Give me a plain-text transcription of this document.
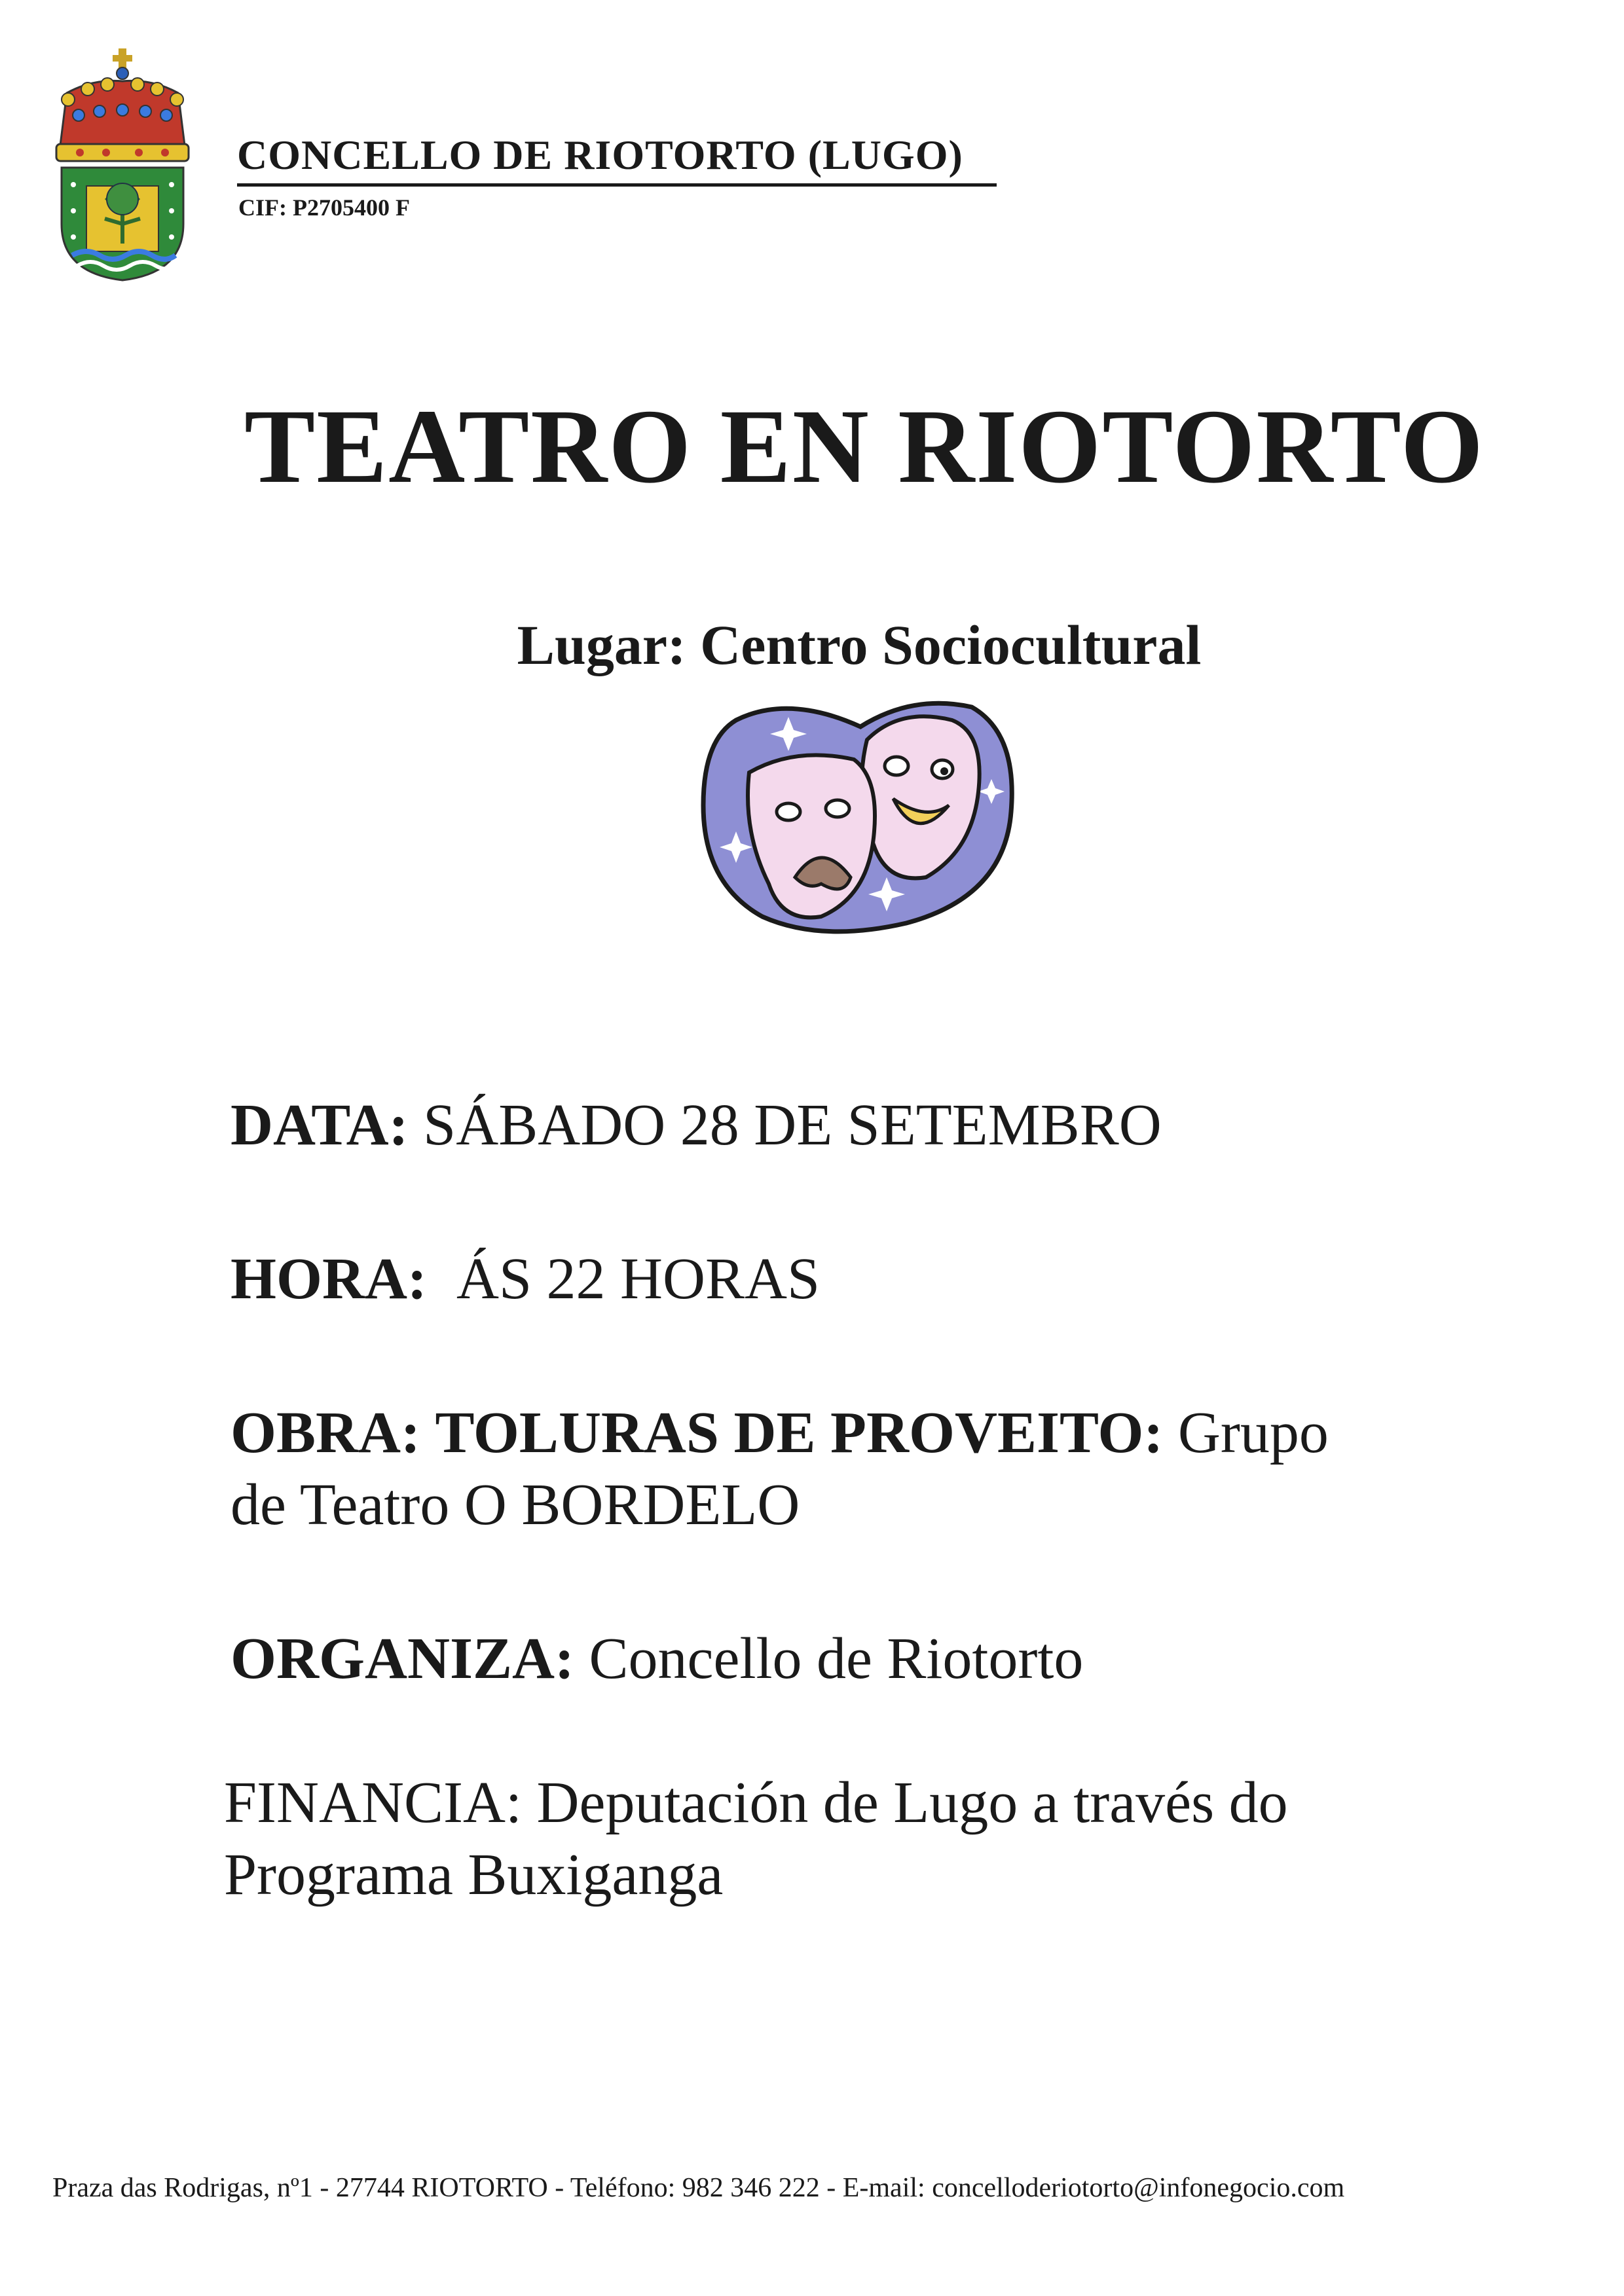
CONCELLO DE RIOTORTO (LUGO)
CIF: P2705400 F
TEATRO EN RIOTORTO
Lugar: Centro Sociocultural
DATA: SÁBADO 28 DE SETEMBRO
HORA: ÁS 22 HORAS
OBRA: TOLURAS DE PROVEITO: Grupo
de Teatro O BORDELO
ORGANIZA: Concello de Riotorto
FINANCIA: Deputación de Lugo a través do
Programa Buxiganga
Praza das Rodrigas, nº1 - 27744 RIOTORTO - Teléfono: 982 346 222 - E-mail: concelloderiotorto@infonegocio.com
